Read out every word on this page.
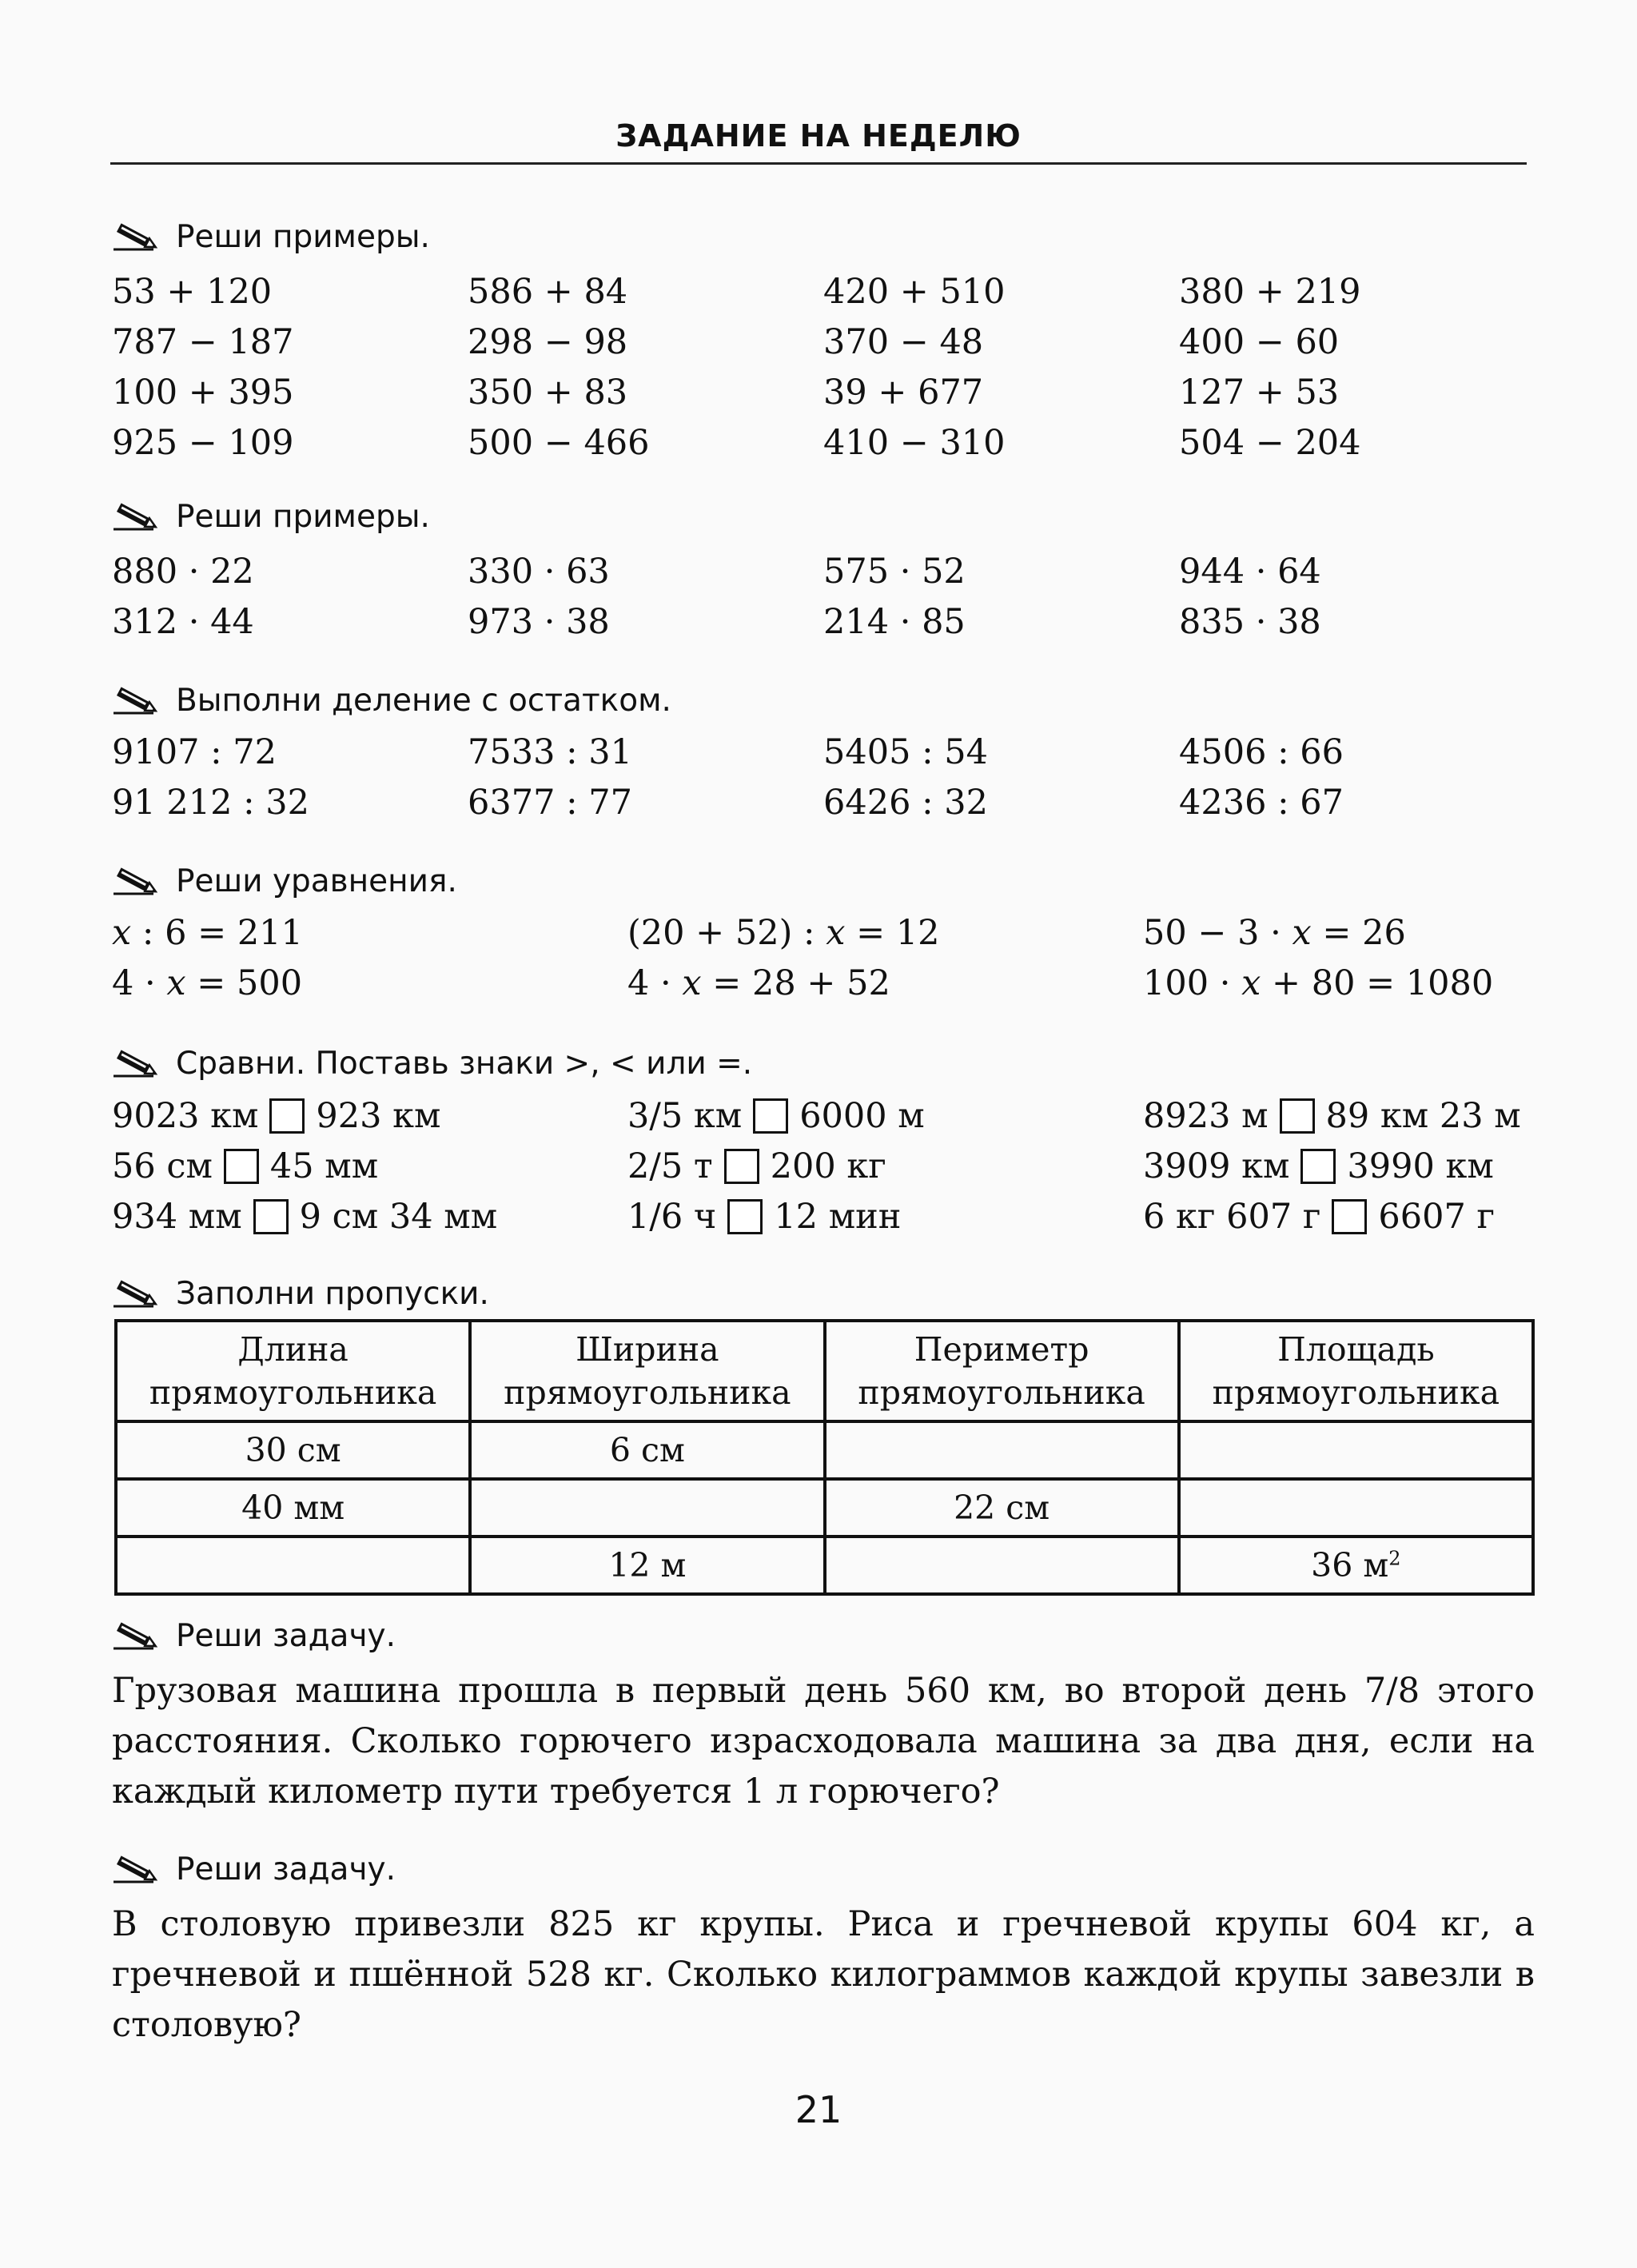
ЗАДАНИЕ НА НЕДЕЛЮ
Реши примеры.
53 + 120	586 + 84	420 + 510	380 + 219
787 − 187	298 − 98	370 − 48	400 − 60
100 + 395	350 + 83	39 + 677	127 + 53
925 − 109	500 − 466	410 − 310	504 − 204
Реши примеры.
880 · 22	330 · 63	575 · 52	944 · 64
312 · 44	973 · 38	214 · 85	835 · 38
Выполни деление с остатком.
9107 : 72	7533 : 31	5405 : 54	4506 : 66
91 212 : 32	6377 : 77	6426 : 32	4236 : 67
Реши уравнения.
x : 6 = 211	(20 + 52) : x = 12	50 − 3 · x = 26
4 · x = 500	4 · x = 28 + 52	100 · x + 80 = 1080
Сравни. Поставь знаки >, < или =.
9023 км 923 км	3/5 км 6000 м	8923 м 89 км 23 м
56 см 45 мм	2/5 т 200 кг	3909 км 3990 км
934 мм 9 см 34 мм	1/6 ч 12 мин	6 кг 607 г 6607 г
Заполни пропуски.
Длина
прямоугольника	Ширина
прямоугольника	Периметр
прямоугольника	Площадь
прямоугольника
30 см	6 см		
40 мм		22 см	
	12 м		36 $м^2$
Реши задачу.
Грузовая машина прошла в первый день 560 км, во второй день 7/8 этого расстояния. Сколько горючего израсходовала машина за два дня, если на каждый километр пути требуется 1 л горючего?
Реши задачу.
В столовую привезли 825 кг крупы. Риса и гречневой крупы 604 кг, а гречневой и пшённой 528 кг. Сколько килограммов каждой крупы завезли в столовую?
21
